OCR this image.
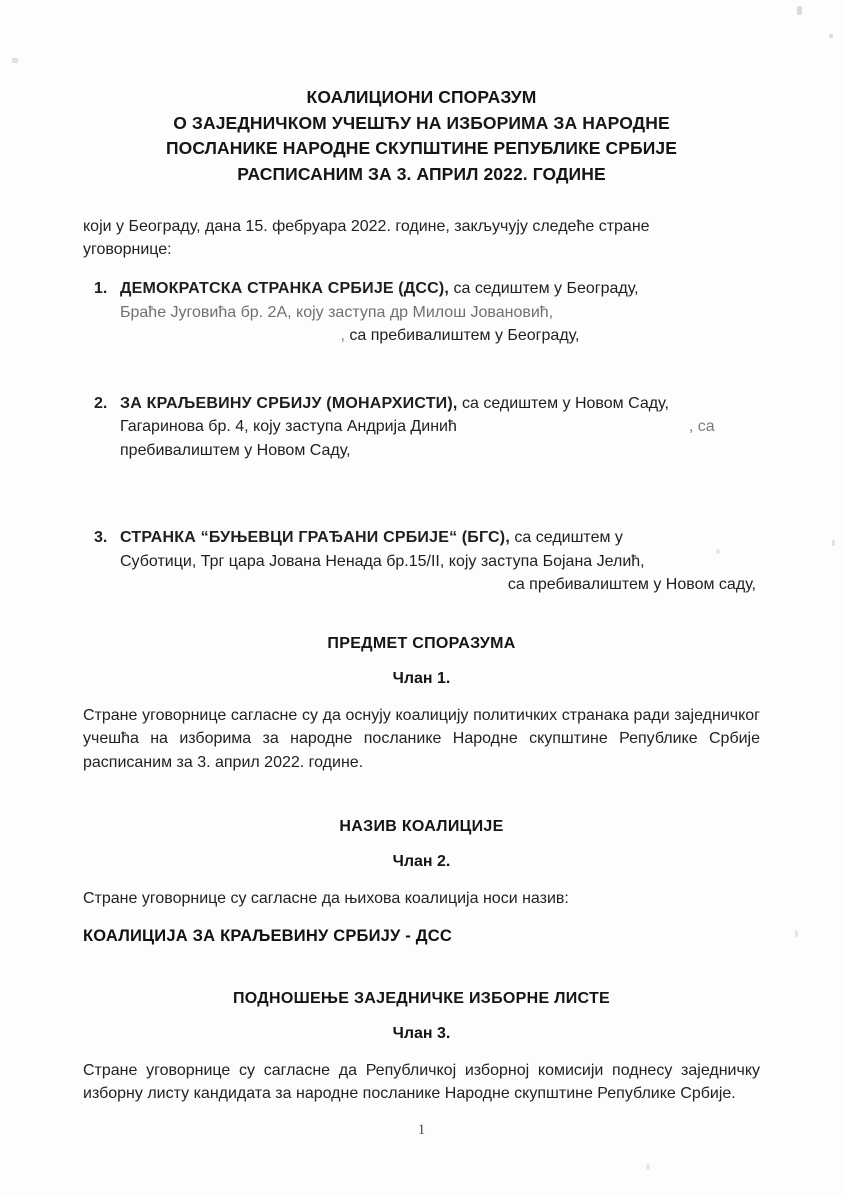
КОАЛИЦИОНИ СПОРАЗУМ
О ЗАЈЕДНИЧКОМ УЧЕШЋУ НА ИЗБОРИМА ЗА НАРОДНЕ
ПОСЛАНИКЕ НАРОДНЕ СКУПШТИНЕ РЕПУБЛИКЕ СРБИЈЕ
РАСПИСАНИМ ЗА 3. АПРИЛ 2022. ГОДИНЕ

који у Београду, дана 15. фебруара 2022. године, закључују следеће стране
уговорнице:

1. ДЕМОКРАТСКА СТРАНКА СРБИЈЕ (ДСС), са седиштем у Београду,
Браће Југовића бр. 2А, коју заступа др Милош Јовановић,
, са пребивалиштем у Београду,
2. ЗА КРАЉЕВИНУ СРБИЈУ (МОНАРХИСТИ), са седиштем у Новом Саду,
Гагаринова бр. 4, коју заступа Андрија Динић	, са
пребивалиштем у Новом Саду,
3. СТРАНКА “БУЊЕВЦИ ГРАЂАНИ СРБИЈЕ“ (БГС), са седиштем у
Суботици, Трг цара Јована Ненада бр.15/II, коју заступа Бојана Јелић,
са пребивалиштем у Новом саду,
ПРЕДМЕТ СПОРАЗУМА
Члан 1.

Стране уговорнице сагласне су да оснују коалицију политичких странака ради заједничког учешћа на изборима за народне посланике Народне скупштине Републике Србије расписаним за 3. април 2022. године.

НАЗИВ КОАЛИЦИЈЕ
Члан 2.

Стране уговорнице су сагласне да њихова коалиција носи назив:

КОАЛИЦИЈА ЗА КРАЉЕВИНУ СРБИЈУ - ДСС
ПОДНОШЕЊЕ ЗАЈЕДНИЧКЕ ИЗБОРНЕ ЛИСТЕ
Члан 3.

Стране уговорнице су сагласне да Републичкој изборној комисији поднесу заједничку изборну листу кандидата за народне посланике Народне скупштине Републике Србије.

1
